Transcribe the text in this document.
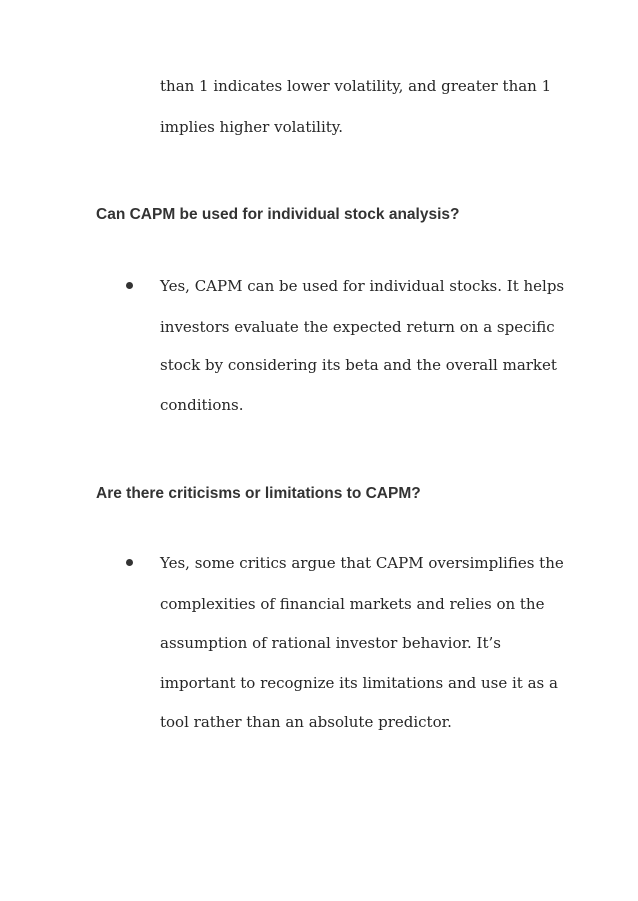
than 1 indicates lower volatility, and greater than 1
implies higher volatility.
Can CAPM be used for individual stock analysis?
Yes, CAPM can be used for individual stocks. It helps
investors evaluate the expected return on a specific
stock by considering its beta and the overall market
conditions.
Are there criticisms or limitations to CAPM?
Yes, some critics argue that CAPM oversimplifies the
complexities of financial markets and relies on the
assumption of rational investor behavior. It’s
important to recognize its limitations and use it as a
tool rather than an absolute predictor.
